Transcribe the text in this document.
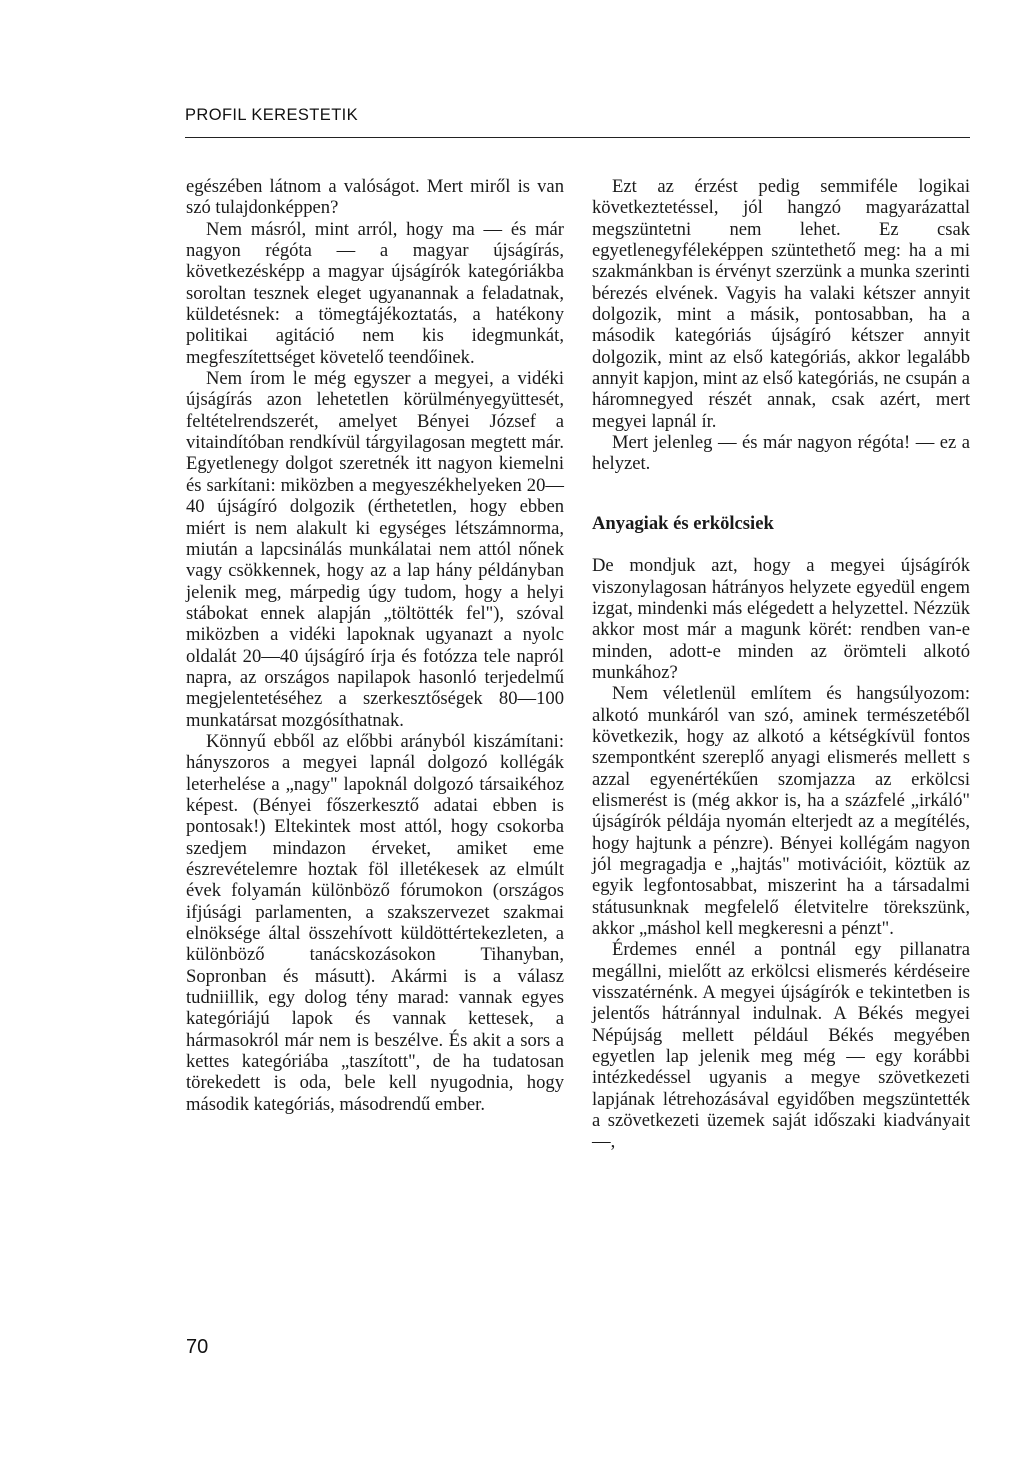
PROFIL KERESTETIK

egészében látnom a valóságot. Mert miről is van szó tulajdonképpen?

Nem másról, mint arról, hogy ma — és már nagyon régóta — a magyar újságírás, következésképp a magyar újságírók kategóriákba soroltan tesznek eleget ugyanannak a feladatnak, küldetésnek: a tömegtájékoztatás, a hatékony politikai agitáció nem kis idegmunkát, megfeszítettséget követelő teendőinek.

Nem írom le még egyszer a megyei, a vidéki újságírás azon lehetetlen körülményegyüttesét, feltételrendszerét, amelyet Bényei József a vitaindítóban rendkívül tárgyilagosan megtett már. Egyetlenegy dolgot szeretnék itt nagyon kiemelni és sarkítani: miközben a megyeszékhelyeken 20—40 újságíró dolgozik (érthetetlen, hogy ebben miért is nem alakult ki egységes létszámnorma, miután a lapcsinálás munkálatai nem attól nőnek vagy csökkennek, hogy az a lap hány példányban jelenik meg, márpedig úgy tudom, hogy a helyi stábokat ennek alapján „töltötték fel"), szóval miközben a vidéki lapoknak ugyanazt a nyolc oldalát 20—40 újságíró írja és fotózza tele napról napra, az országos napilapok hasonló terjedelmű megjelentetéséhez a szerkesztőségek 80—100 munkatársat mozgósíthatnak.

Könnyű ebből az előbbi arányból kiszámítani: hányszoros a megyei lapnál dolgozó kollégák leterhelése a „nagy" lapoknál dolgozó társaikéhoz képest. (Bényei főszerkesztő adatai ebben is pontosak!) Eltekintek most attól, hogy csokorba szedjem mindazon érveket, amiket eme észrevételemre hoztak föl illetékesek az elmúlt évek folyamán különböző fórumokon (országos ifjúsági parlamenten, a szakszervezet szakmai elnöksége által összehívott küldöttértekezleten, a különböző tanácskozásokon Tihanyban, Sopronban és másutt). Akármi is a válasz tudniillik, egy dolog tény marad: vannak egyes kategóriájú lapok és vannak kettesek, a hármasokról már nem is beszélve. És akit a sors a kettes kategóriába „taszított", de ha tudatosan törekedett is oda, bele kell nyugodnia, hogy második kategóriás, másodrendű ember.

Ezt az érzést pedig semmiféle logikai következtetéssel, jól hangzó magyarázattal megszüntetni nem lehet. Ez csak egyetlenegyféleképpen szüntethető meg: ha a mi szakmánkban is érvényt szerzünk a munka szerinti bérezés elvének. Vagyis ha valaki kétszer annyit dolgozik, mint a másik, pontosabban, ha a második kategóriás újságíró kétszer annyit dolgozik, mint az első kategóriás, akkor legalább annyit kapjon, mint az első kategóriás, ne csupán a háromnegyed részét annak, csak azért, mert megyei lapnál ír.

Mert jelenleg — és már nagyon régóta! — ez a helyzet.

Anyagiak és erkölcsiek

De mondjuk azt, hogy a megyei újságírók viszonylagosan hátrányos helyzete egyedül engem izgat, mindenki más elégedett a helyzettel. Nézzük akkor most már a magunk körét: rendben van-e minden, adott-e minden az örömteli alkotó munkához?

Nem véletlenül említem és hangsúlyozom: alkotó munkáról van szó, aminek természetéből következik, hogy az alkotó a kétségkívül fontos szempontként szereplő anyagi elismerés mellett s azzal egyenértékűen szomjazza az erkölcsi elismerést is (még akkor is, ha a százfelé „irkáló" újságírók példája nyomán elterjedt az a megítélés, hogy hajtunk a pénzre). Bényei kollégám nagyon jól megragadja e „hajtás" motivációit, köztük az egyik legfontosabbat, miszerint ha a társadalmi státusunknak megfelelő életvitelre törekszünk, akkor „máshol kell megkeresni a pénzt".

Érdemes ennél a pontnál egy pillanatra megállni, mielőtt az erkölcsi elismerés kérdéseire visszatérnénk. A megyei újságírók e tekintetben is jelentős hátránnyal indulnak. A Békés megyei Népújság mellett például Békés megyében egyetlen lap jelenik meg még — egy korábbi intézkedéssel ugyanis a megye szövetkezeti lapjának létrehozásával egyidőben megszüntették a szövetkezeti üzemek saját időszaki kiadványait —,

70
